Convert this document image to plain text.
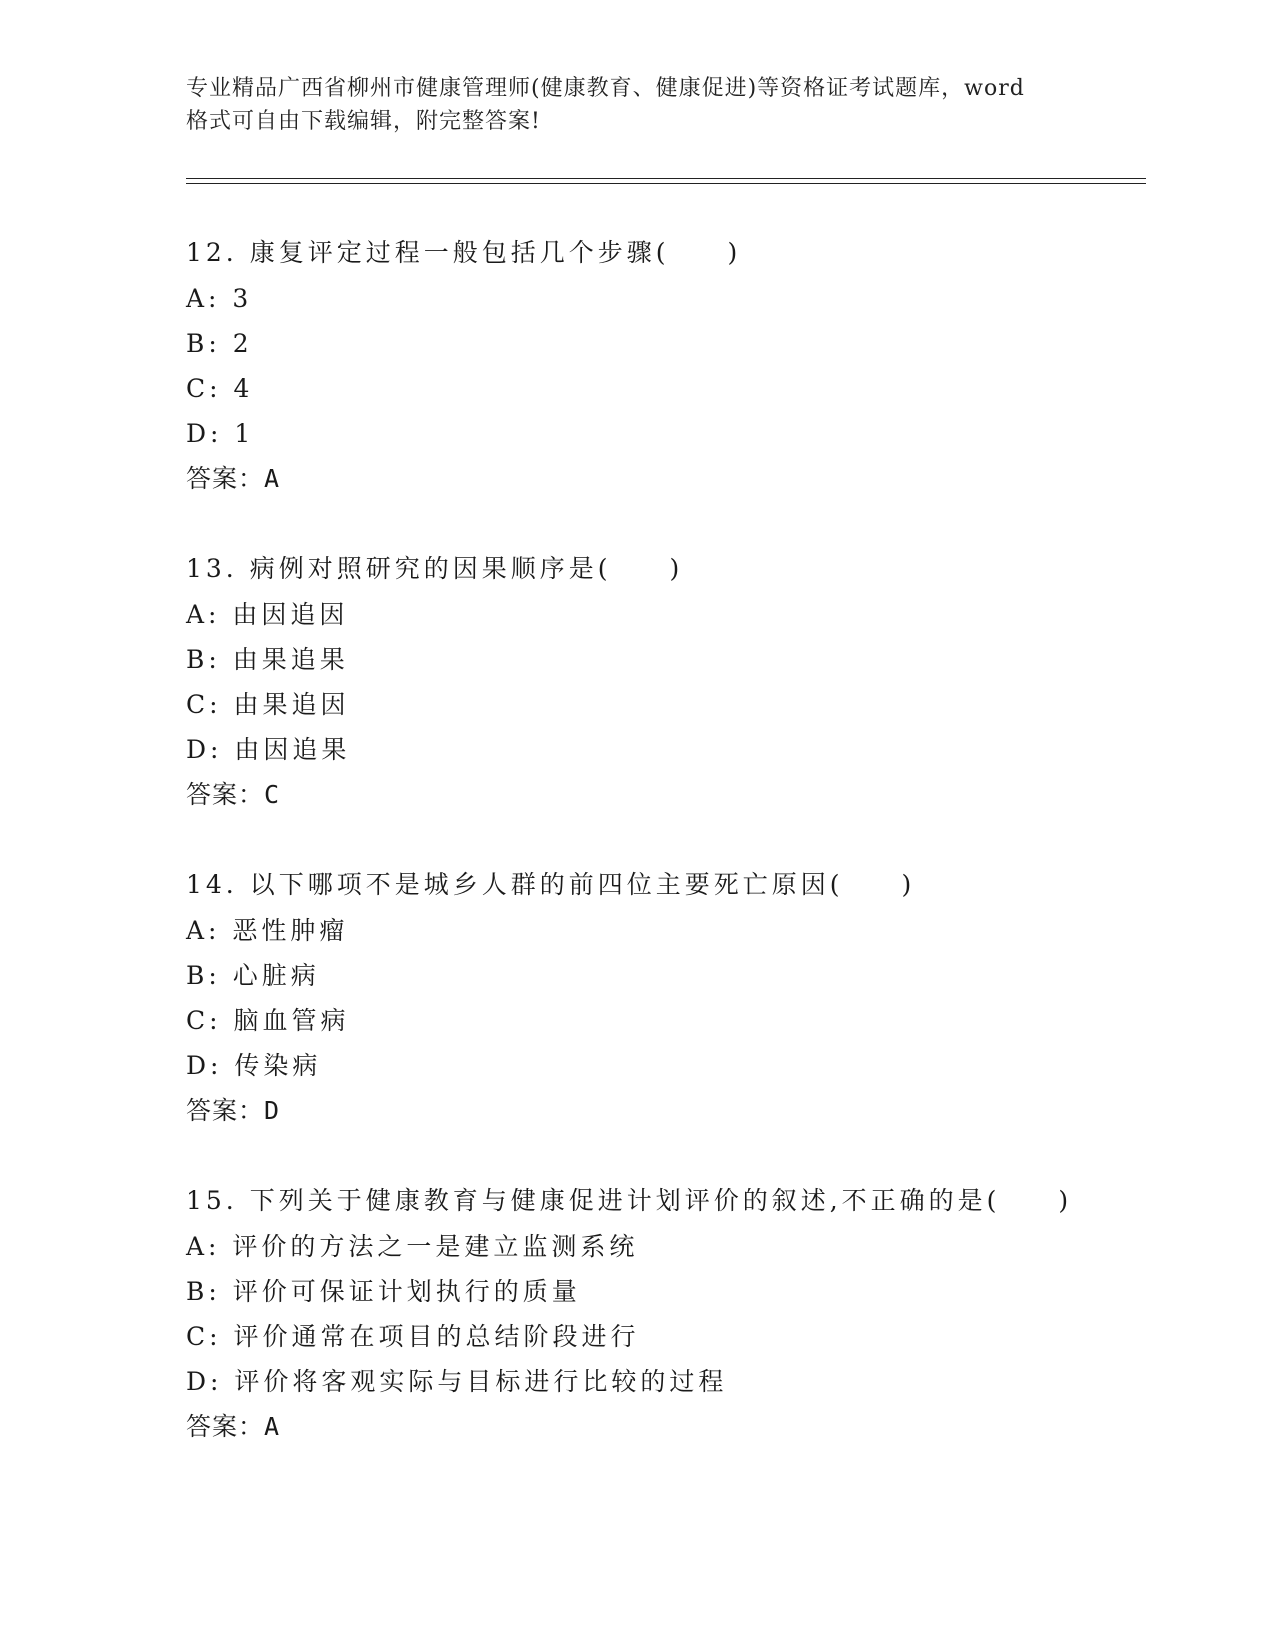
专业精品广西省柳州市健康管理师(健康教育、健康促进)等资格证考试题库，word
格式可自由下载编辑，附完整答案!
12. 康复评定过程一般包括几个步骤(　　)
A: 3
B: 2
C: 4
D: 1
答案：A
13. 病例对照研究的因果顺序是(　　)
A: 由因追因
B: 由果追果
C: 由果追因
D: 由因追果
答案：C
14. 以下哪项不是城乡人群的前四位主要死亡原因(　　)
A: 恶性肿瘤
B: 心脏病
C: 脑血管病
D: 传染病
答案：D
15. 下列关于健康教育与健康促进计划评价的叙述,不正确的是(　　)
A: 评价的方法之一是建立监测系统
B: 评价可保证计划执行的质量
C: 评价通常在项目的总结阶段进行
D: 评价将客观实际与目标进行比较的过程
答案：A
